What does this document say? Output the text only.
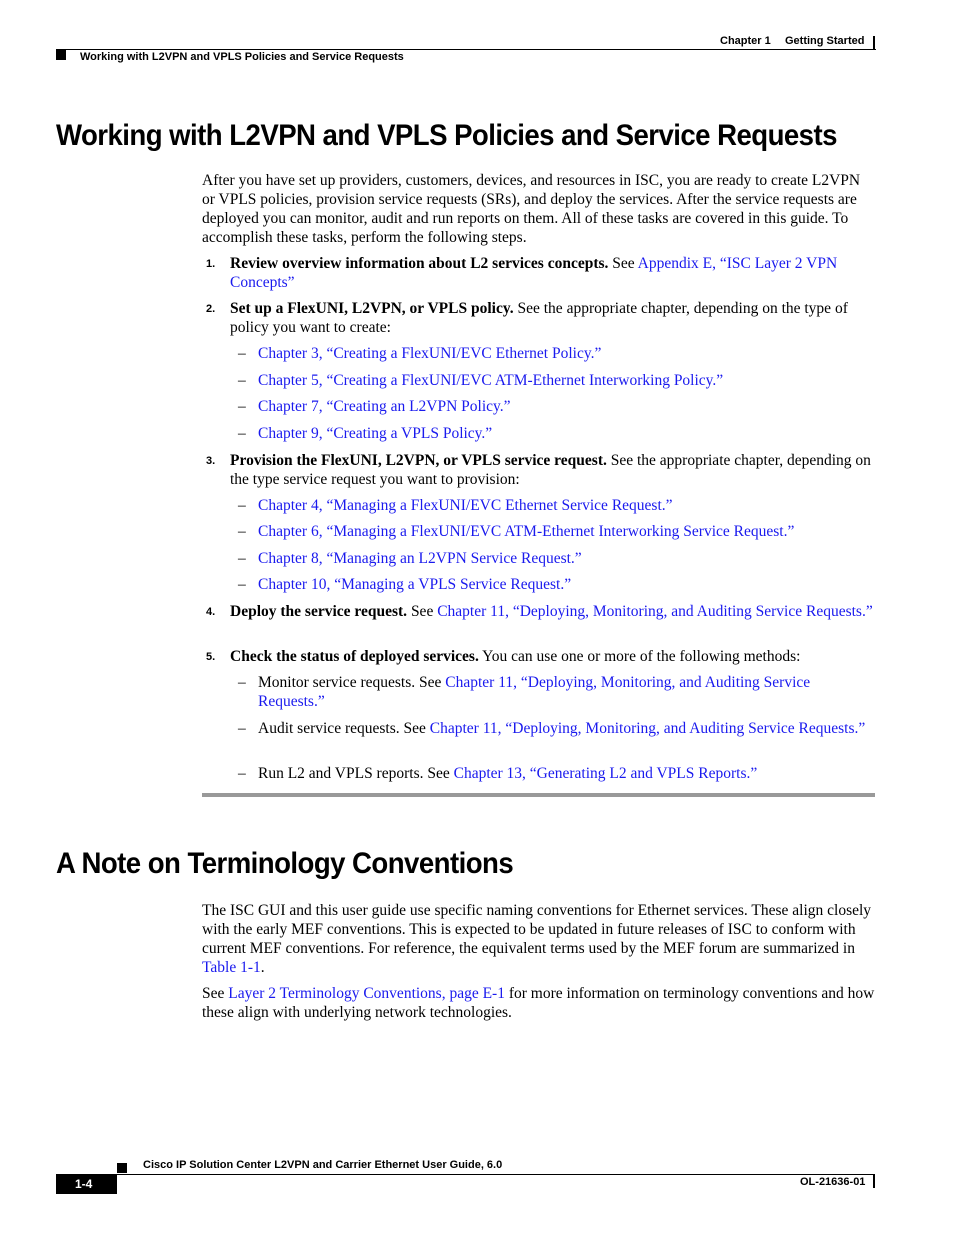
Chapter 1 Getting Started
Working with L2VPN and VPLS Policies and Service Requests
Working with L2VPN and VPLS Policies and Service Requests

After you have set up providers, customers, devices, and resources in ISC, you are ready to create L2VPN or VPLS policies, provision service requests (SRs), and deploy the services. After the service requests are deployed you can monitor, audit and run reports on them. All of these tasks are covered in this guide. To accomplish these tasks, perform the following steps.

1. Review overview information about L2 services concepts. See Appendix E, “ISC Layer 2 VPN Concepts”
2. Set up a FlexUNI, L2VPN, or VPLS policy. See the appropriate chapter, depending on the type of policy you want to create:
– Chapter 3, “Creating a FlexUNI/EVC Ethernet Policy.”
– Chapter 5, “Creating a FlexUNI/EVC ATM-Ethernet Interworking Policy.”
– Chapter 7, “Creating an L2VPN Policy.”
– Chapter 9, “Creating a VPLS Policy.”
3. Provision the FlexUNI, L2VPN, or VPLS service request. See the appropriate chapter, depending on the type service request you want to provision:
– Chapter 4, “Managing a FlexUNI/EVC Ethernet Service Request.”
– Chapter 6, “Managing a FlexUNI/EVC ATM-Ethernet Interworking Service Request.”
– Chapter 8, “Managing an L2VPN Service Request.”
– Chapter 10, “Managing a VPLS Service Request.”
4. Deploy the service request. See Chapter 11, “Deploying, Monitoring, and Auditing Service Requests.”
5. Check the status of deployed services. You can use one or more of the following methods:
– Monitor service requests. See Chapter 11, “Deploying, Monitoring, and Auditing Service Requests.”
– Audit service requests. See Chapter 11, “Deploying, Monitoring, and Auditing Service Requests.”
– Run L2 and VPLS reports. See Chapter 13, “Generating L2 and VPLS Reports.”
A Note on Terminology Conventions

The ISC GUI and this user guide use specific naming conventions for Ethernet services. These align closely with the early MEF conventions. This is expected to be updated in future releases of ISC to conform with current MEF conventions. For reference, the equivalent terms used by the MEF forum are summarized in Table 1-1.

See Layer 2 Terminology Conventions, page E-1 for more information on terminology conventions and how these align with underlying network technologies.

Cisco IP Solution Center L2VPN and Carrier Ethernet User Guide, 6.0
1-4	OL-21636-01
